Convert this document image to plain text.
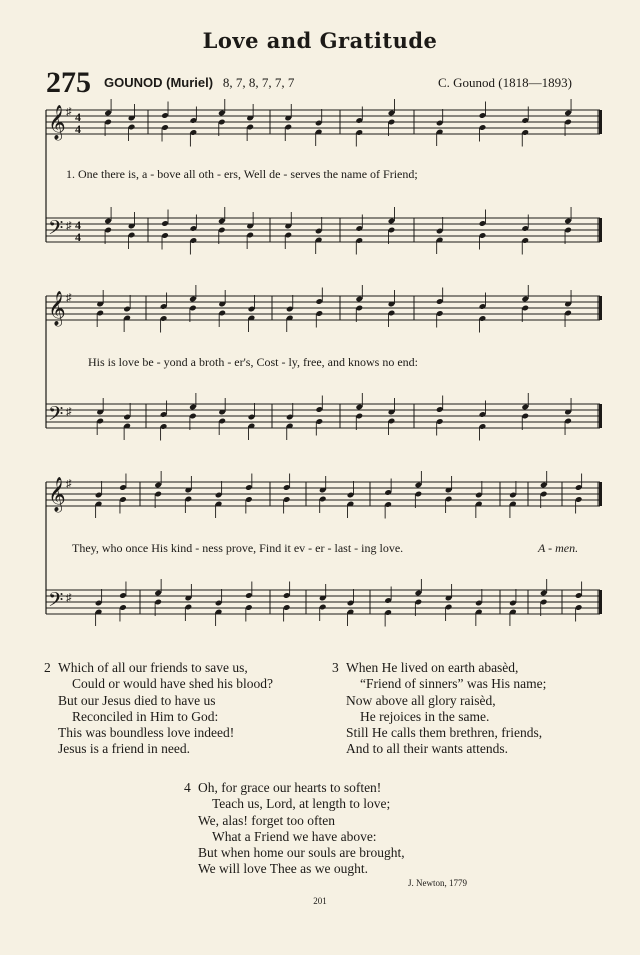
Love and Gratitude
275 GOUNOD (Muriel) 8, 7, 8, 7, 7, 7	C. Gounod (1818—1893)
𝄞 ♯ 4
4
𝄢 ♯ 4
4
𝄞 ♯
𝄢 ♯
𝄞 ♯
𝄢 ♯
1. One there is, a - bove all oth - ers, Well de - serves the name of Friend;
His is love be - yond a broth - er's, Cost - ly, free, and knows no end:
They, who once His kind - ness prove, Find it ev - er - last - ing love.	A - men.
2 Which of all our friends to save us,
Could or would have shed his blood?
But our Jesus died to have us
Reconciled in Him to God:
This was boundless love indeed!
Jesus is a friend in need.
3 When He lived on earth abasèd,
“Friend of sinners” was His name;
Now above all glory raisèd,
He rejoices in the same.
Still He calls them brethren, friends,
And to all their wants attends.
4 Oh, for grace our hearts to soften!
Teach us, Lord, at length to love;
We, alas! forget too often
What a Friend we have above:
But when home our souls are brought,
We will love Thee as we ought.
J. Newton, 1779
201
